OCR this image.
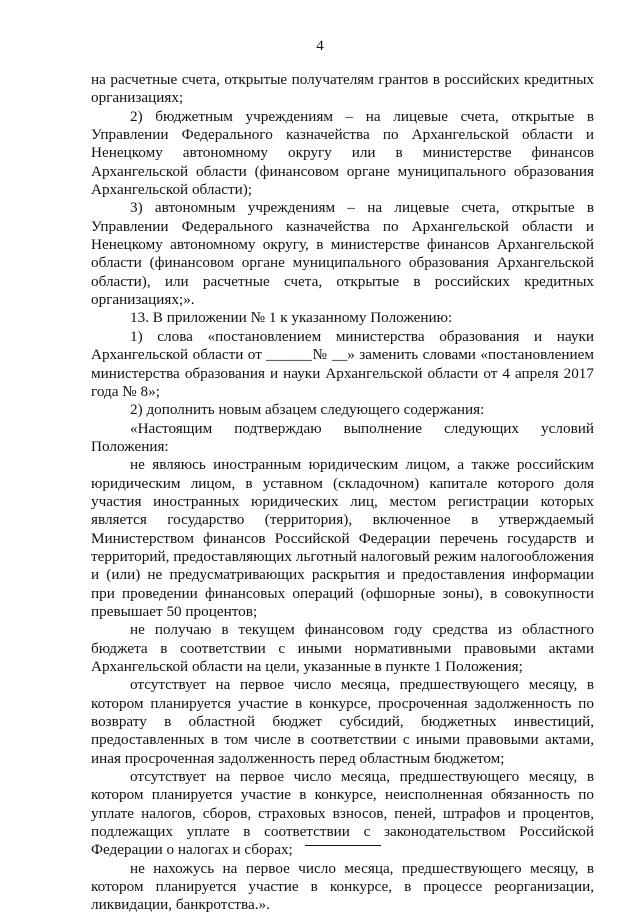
4

на расчетные счета, открытые получателям грантов в российских кредитных организациях;

2) бюджетным учреждениям – на лицевые счета, открытые в Управлении Федерального казначейства по Архангельской области и Ненецкому автономному округу или в министерстве финансов Архангельской области (финансовом органе муниципального образования Архангельской области);

3) автономным учреждениям – на лицевые счета, открытые в Управлении Федерального казначейства по Архангельской области и Ненецкому автономному округу, в министерстве финансов Архангельской области (финансовом органе муниципального образования Архангельской области), или расчетные счета, открытые в российских кредитных организациях;».

13. В приложении № 1 к указанному Положению:

1) слова «постановлением министерства образования и науки Архангельской области от ______№ __» заменить словами «постановлением министерства образования и науки Архангельской области от 4 апреля 2017 года № 8»;

2) дополнить новым абзацем следующего содержания:

«Настоящим подтверждаю выполнение следующих условий Положения:

не являюсь иностранным юридическим лицом, а также российским юридическим лицом, в уставном (складочном) капитале которого доля участия иностранных юридических лиц, местом регистрации которых является государство (территория), включенное в утверждаемый Министерством финансов Российской Федерации перечень государств и территорий, предоставляющих льготный налоговый режим налогообложения и (или) не предусматривающих раскрытия и предоставления информации при проведении финансовых операций (офшорные зоны), в совокупности превышает 50 процентов;

не получаю в текущем финансовом году средства из областного бюджета в соответствии с иными нормативными правовыми актами Архангельской области на цели, указанные в пункте 1 Положения;

отсутствует на первое число месяца, предшествующего месяцу, в котором планируется участие в конкурсе, просроченная задолженность по возврату в областной бюджет субсидий, бюджетных инвестиций, предоставленных в том числе в соответствии с иными правовыми актами, иная просроченная задолженность перед областным бюджетом;

отсутствует на первое число месяца, предшествующего месяцу, в котором планируется участие в конкурсе, неисполненная обязанность по уплате налогов, сборов, страховых взносов, пеней, штрафов и процентов, подлежащих уплате в соответствии с законодательством Российской Федерации о налогах и сборах;

не нахожусь на первое число месяца, предшествующего месяцу, в котором планируется участие в конкурсе, в процессе реорганизации, ликвидации, банкротства.».
